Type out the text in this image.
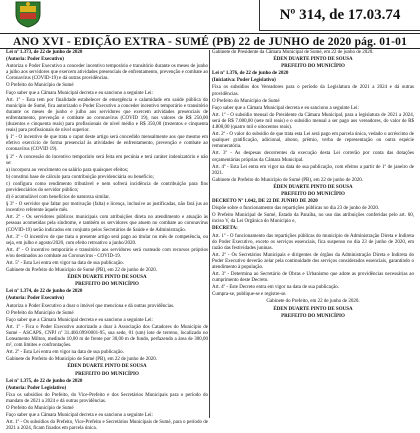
Nº 314, de 17.03.74
ANO XVI - EDIÇÃO EXTRA - SUMÉ (PB) 22 de JUNHO de 2020 pág. 01-01
Lei nº 1.373, de 22 de junho de 2020
(Autoria: Poder Executivo)
Autoriza o Poder Executivo a conceder incentivo temporário e transitório durante os meses de junho a julho aos servidores que exercem atividades presenciais de enfrentamento, prevenção e combate ao Coronavírus (COVID-19) e dá outras providências.
O Prefeito do Município de Sumé
Faço saber que a Câmara Municipal decreta e eu sanciono a seguinte Lei:
Art. 1º - Esta tem por finalidade estabelecer de emergência e calamidade em saúde pública do município de Sumé, fica autorizado o Poder Executivo a conceder incentivo temporário e transitório durante os meses de junho e julho aos servidores que exercem atividades presenciais de enfrentamento, prevenção e combate ao coronavírus (COVID 19), nos valores de R$ 250,00 (duzentos e cinquenta reais) para profissionais de nível médio e R$ 350,00 (trezentos e cinquenta reais) para profissionais de nível superior.
§ 1º - O incentivo de que trata o caput deste artigo será concedido mensalmente aos que mesmo em efetivo exercício de forma presencial às atividades de enfrentamento, prevenção e combate ao coronavírus (COVID 19).
§ 2º - A concessão do incentivo temporário será feita em pecúnia e terá caráter indenizatório e não se:
a) incorpora ao vencimento ou salário para quaisquer efeitos;
b) constitui base de cálculo para contribuição previdenciária ou benefício;
c) configura como rendimento tributável e nem sofrerá incidência de contribuição para fins previdenciários do servidor público;
d) é acumulável com benefícios de natureza similar.
§ 3º - O servidor que faltar por motivação (falta) e licença, inclusive as justificadas, não fará jus ao incentivo referente àquele mês.
Art. 2º - Os servidores públicos municipais com atribuições direta no atendimento e atuação às pessoas acometidas pela síndrome, e também os servidores que atuem no combate ao coronavírus (COVID-19) serão indicados em conjunto pelos Secretários de Saúde e de Administração.
Art. 3º - O incentivo de que trata o presente artigo será pago ao titular no mês de competência, ou seja, em julho e agosto/2020, com efeito retroativo a junho/2020.
Art. 4º - O incentivo temporário e transitório aos servidores será custeado com recursos próprios e/ou destinados ao combate ao Coronavírus - COVID-19.
Art. 5º - Esta Lei entra em vigor na data de sua publicação.
Gabinete do Prefeito do Município de Sumé (PB), em 22 de junho de 2020.
ÉDEN DUARTE PINTO DE SOUSA
PREFEITO DO MUNICÍPIO
Lei nº 1.374, de 22 de junho de 2020
(Autoria: Poder Executivo)
Autoriza o Poder Executivo a doar o imóvel que menciona e dá outras providências.
O Prefeito do Município de Sumé
Faço saber que a Câmara Municipal decreta e eu sanciono a seguinte Lei:
Art. 1º - Fica o Poder Executivo autorizado a doar à Associação dos Catadores do Município de Sumé - ASCAPS, CNPJ nº 31.460.099/0001-95, sua sede, 01 (um) lote de terreno, localizado no Loteamento Milton, medindo 10,00 m de frente por 30,00 m de fundo, perfazendo a área de 300,00 m², com limites e confrontações.
Art. 2º - Esta Lei entra em vigor na data de sua publicação.
Gabinete do Prefeito do Município de Sumé (PB), em 22 de junho de 2020.
ÉDEN DUARTE PINTO DE SOUSA
PREFEITO DO MUNICÍPIO
Lei nº 1.375, de 22 de junho de 2020
(Autoria: Poder Legislativo)
Fixa os subsídios do Prefeito, do Vice-Prefeito e dos Secretários Municipais para o período do mandato de 2021 a 2024 e dá outras providências.
O Prefeito do Município de Sumé
Faço saber que a Câmara Municipal decreta e eu sanciono a seguinte Lei:
Art. 1º - Os subsídios do Prefeito, Vice-Prefeito e Secretários Municipais de Sumé, para o período de 2021 a 2024, ficam fixados em parcela única.
Gabinete do Presidente da Câmara Municipal de Sumé, em 22 de junho de 2020.
ÉDEN DUARTE PINTO DE SOUSA
PREFEITO DO MUNICÍPIO
Lei nº 1.376, de 22 de junho de 2020
(Iniciativa: Poder Legislativo)
Fixa os subsídios dos Vereadores para o período da Legislatura de 2021 a 2024 e dá outras providências.
O Prefeito do Município de Sumé
Faço saber que a Câmara Municipal decreta e eu sanciono a seguinte Lei:
Art. 1º - O subsídio mensal do Presidente da Câmara Municipal, para a legislatura de 2021 a 2024, será de R$ 7.000,00 (sete mil reais) e o subsídio mensal a ser pago aos vereadores, do valor de R$ 4.800,00 (quatro mil e oitocentos reais).
Art. 2º - O valor do subsídio de que trata esta Lei será pago em parcela única, vedado o acréscimo de qualquer gratificação, adicional, abono, prêmio, verba de representação ou outra espécie remuneratória.
Art. 3º - As despesas decorrentes da execução desta Lei correrão por conta das dotações orçamentárias próprias da Câmara Municipal.
Art. 4º - Esta Lei entra em vigor na data de sua publicação, com efeitos a partir de 1º de janeiro de 2021.
Gabinete do Prefeito do Município de Sumé (PB), em 22 de junho de 2020.
ÉDEN DUARTE PINTO DE SOUSA
PREFEITO DO MUNICÍPIO
DECRETO Nº 1.042, DE 22 DE JUNHO DE 2020
Dispõe sobre o funcionamento das repartições públicas no dia 23 de junho de 2020.
O Prefeito Municipal de Sumé, Estado da Paraíba, no uso das atribuições conferidas pelo art. 60, inciso V, da Lei Orgânica do Município e,
DECRETA:
Art. 1º - O funcionamento das repartições públicas do município de Administração Direta e Indireta do Poder Executivo, exceto os serviços essenciais, fica suspenso no dia 23 de junho de 2020, em razão das festividades juninas.
Art. 2º - Os Secretários Municipais e dirigentes de órgãos da Administração Direta e Indireta do Poder Executivo deverão zelar pela continuidade dos serviços considerados essenciais, garantindo o atendimento à população.
Art. 3º - Determina ao Secretário de Obras e Urbanismo que adote as providências necessárias ao cumprimento deste Decreto.
Art. 4º - Este Decreto entra em vigor na data de sua publicação.
Cumpra-se, publique-se e registre-se.
Gabinete do Prefeito, em 22 de junho de 2020.
ÉDEN DUARTE PINTO DE SOUSA
PREFEITO DO MUNICÍPIO
